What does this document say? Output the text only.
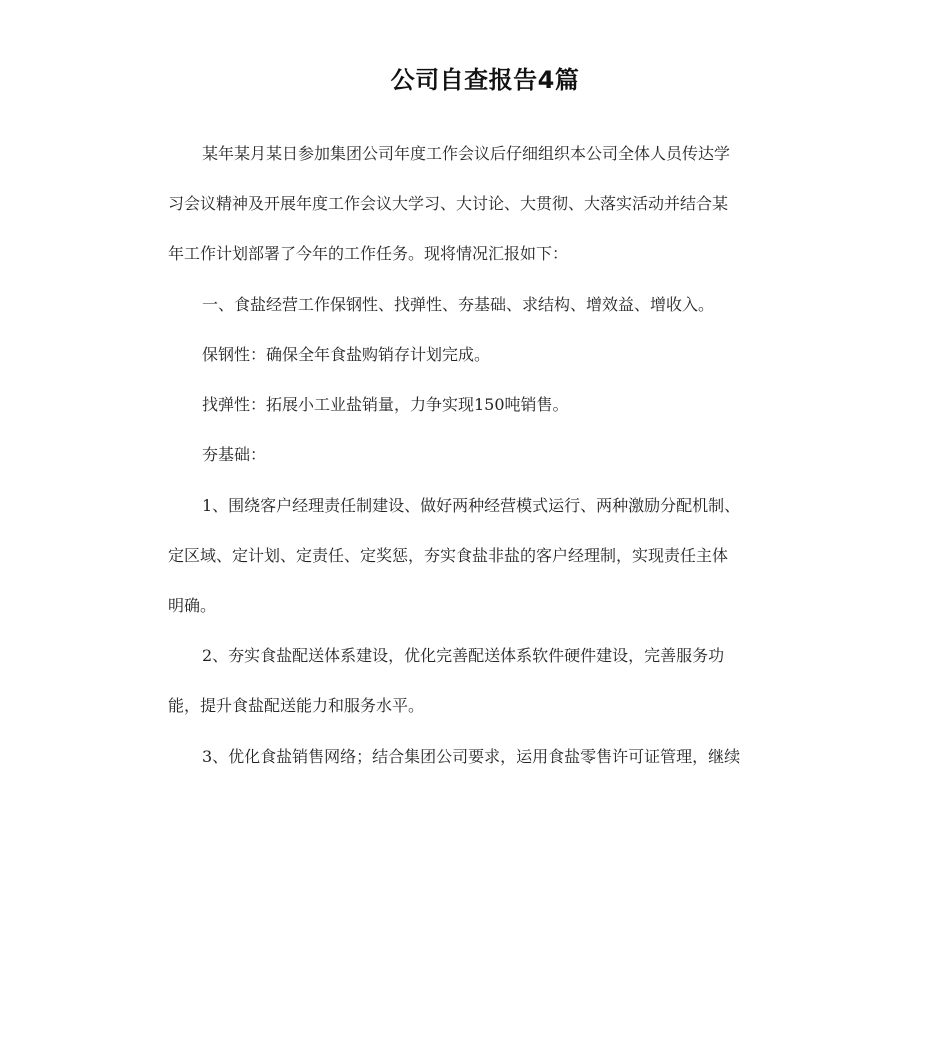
公司自查报告4篇
某年某月某日参加集团公司年度工作会议后仔细组织本公司全体人员传达学
习会议精神及开展年度工作会议大学习、大讨论、大贯彻、大落实活动并结合某
年工作计划部署了今年的工作任务。现将情况汇报如下：
一、食盐经营工作保钢性、找弹性、夯基础、求结构、增效益、增收入。
保钢性：确保全年食盐购销存计划完成。
找弹性：拓展小工业盐销量，力争实现150吨销售。
夯基础：
1、围绕客户经理责任制建设、做好两种经营模式运行、两种激励分配机制、
定区域、定计划、定责任、定奖惩，夯实食盐非盐的客户经理制，实现责任主体
明确。
2、夯实食盐配送体系建设，优化完善配送体系软件硬件建设，完善服务功
能，提升食盐配送能力和服务水平。
3、优化食盐销售网络；结合集团公司要求，运用食盐零售许可证管理，继续
